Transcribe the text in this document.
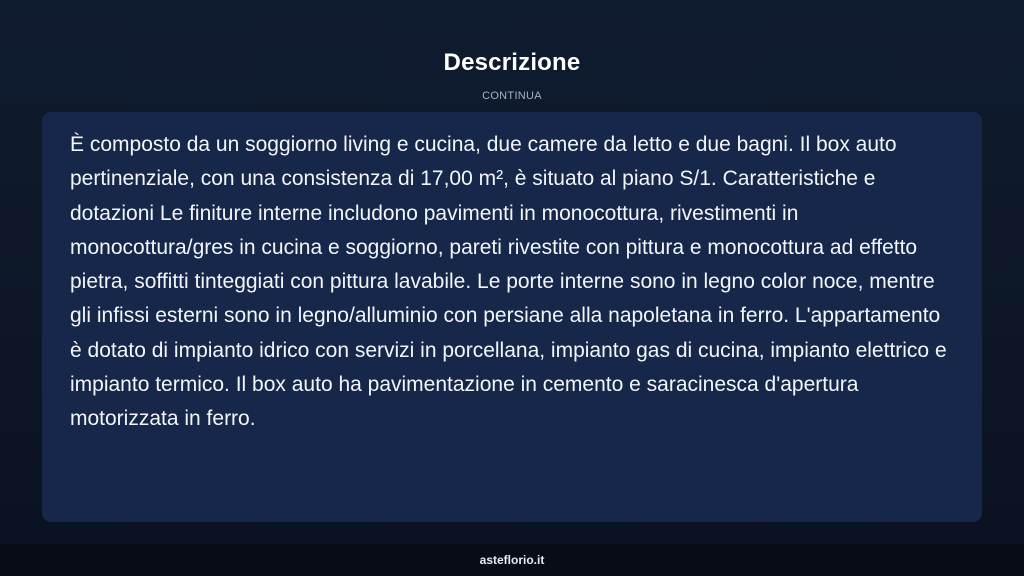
Descrizione
CONTINUA

È composto da un soggiorno living e cucina, due camere da letto e due bagni. Il box auto pertinenziale, con una consistenza di 17,00 m², è situato al piano S/1. Caratteristiche e dotazioni Le finiture interne includono pavimenti in monocottura, rivestimenti in monocottura/gres in cucina e soggiorno, pareti rivestite con pittura e monocottura ad effetto pietra, soffitti tinteggiati con pittura lavabile. Le porte interne sono in legno color noce, mentre gli infissi esterni sono in legno/alluminio con persiane alla napoletana in ferro. L'appartamento è dotato di impianto idrico con servizi in porcellana, impianto gas di cucina, impianto elettrico e impianto termico. Il box auto ha pavimentazione in cemento e saracinesca d'apertura motorizzata in ferro.

asteflorio.it
